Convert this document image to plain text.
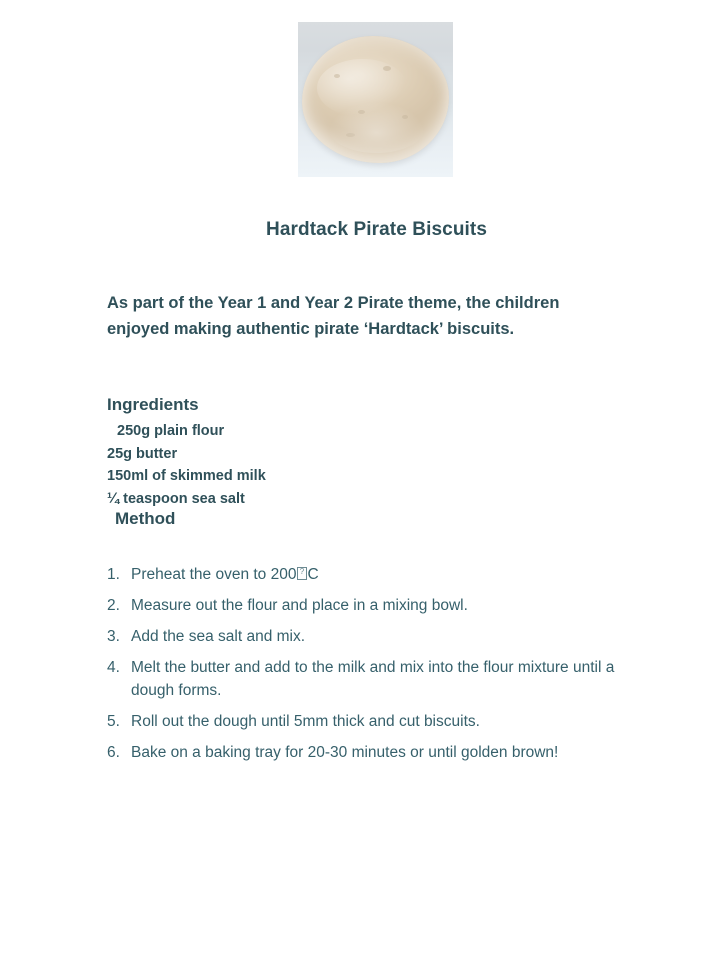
Hardtack Pirate Biscuits
As part of the Year 1 and Year 2 Pirate theme, the children enjoyed making authentic pirate ‘Hardtack’ biscuits.
Ingredients
250g plain flour
25g butter
150ml of skimmed milk
¼ teaspoon sea salt
Method
1. Preheat the oven to 200 ? C
2. Measure out the flour and place in a mixing bowl.
3. Add the sea salt and mix.
4. Melt the butter and add to the milk and mix into the flour mixture until a dough forms.
5. Roll out the dough until 5mm thick and cut biscuits.
6. Bake on a baking tray for 20-30 minutes or until golden brown!
